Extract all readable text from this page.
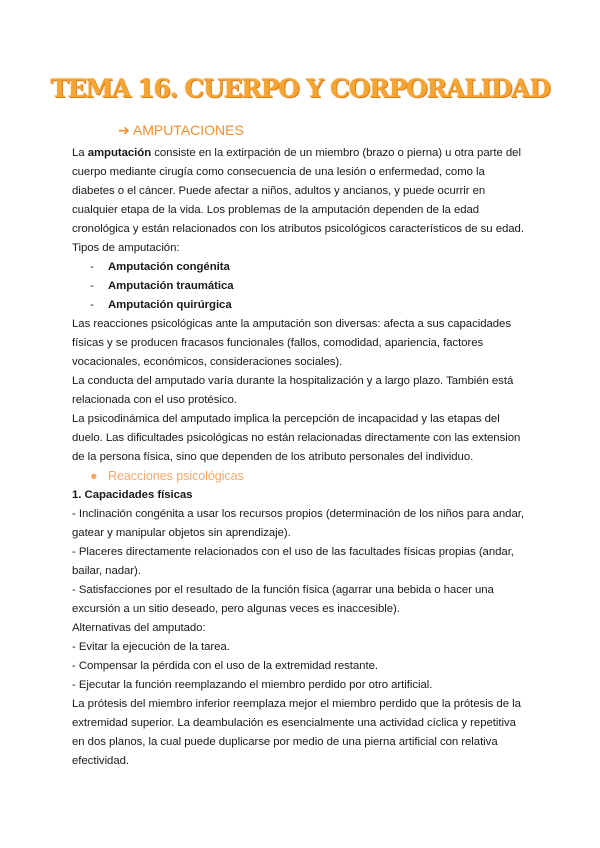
TEMA 16. CUERPO Y CORPORALIDAD
➔ AMPUTACIONES

La amputación consiste en la extirpación de un miembro (brazo o pierna) u otra parte del cuerpo mediante cirugía como consecuencia de una lesión o enfermedad, como la diabetes o el cáncer. Puede afectar a niños, adultos y ancianos, y puede ocurrir en cualquier etapa de la vida. Los problemas de la amputación dependen de la edad cronológica y están relacionados con los atributos psicológicos característicos de su edad.

Tipos de amputación:

- Amputación congénita
- Amputación traumática
- Amputación quirúrgica

Las reacciones psicológicas ante la amputación son diversas: afecta a sus capacidades físicas y se producen fracasos funcionales (fallos, comodidad, apariencia, factores vocacionales, económicos, consideraciones sociales).

La conducta del amputado varía durante la hospitalización y a largo plazo. También está relacionada con el uso protésico.

La psicodinámica del amputado implica la percepción de incapacidad y las etapas del duelo. Las dificultades psicológicas no están relacionadas directamente con las extension de la persona física, sino que dependen de los atributo personales del individuo.

● Reacciones psicológicas

1. Capacidades físicas

- Inclinación congénita a usar los recursos propios (determinación de los niños para andar, gatear y manipular objetos sin aprendizaje).

- Placeres directamente relacionados con el uso de las facultades físicas propias (andar, bailar, nadar).

- Satisfacciones por el resultado de la función física (agarrar una bebida o hacer una excursión a un sitio deseado, pero algunas veces es inaccesible).

Alternativas del amputado:

- Evitar la ejecución de la tarea.

- Compensar la pérdida con el uso de la extremidad restante.

- Ejecutar la función reemplazando el miembro perdido por otro artificial.

La prótesis del miembro inferior reemplaza mejor el miembro perdido que la prótesis de la extremidad superior. La deambulación es esencialmente una actividad cíclica y repetitiva en dos planos, la cual puede duplicarse por medio de una pierna artificial con relativa efectividad.
